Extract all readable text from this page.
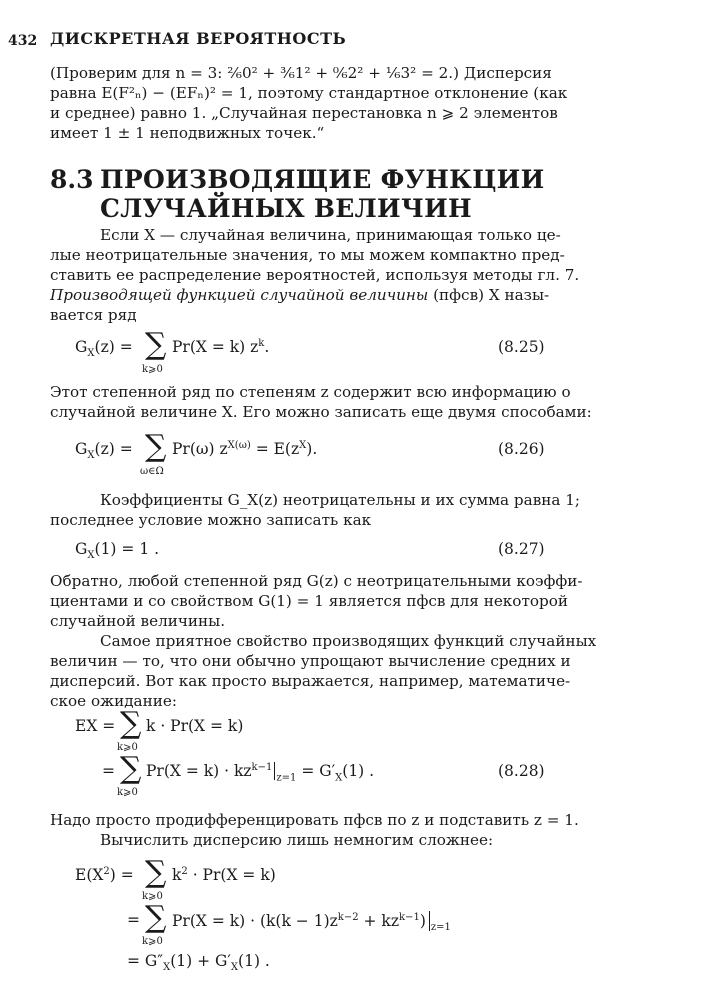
432 ДИСКРЕТНАЯ ВЕРОЯТНОСТЬ
(Проверим для n = 3: ²⁄₆0² + ³⁄₆1² + ⁰⁄₆2² + ¹⁄₆3² = 2.) Дисперсия
равна E(F²ₙ) − (EFₙ)² = 1, поэтому стандартное отклонение (как
и среднее) равно 1. „Случайная перестановка n ⩾ 2 элементов
имеет 1 ± 1 неподвижных точек.“
8.3 ПРОИЗВОДЯЩИЕ ФУНКЦИИ
СЛУЧАЙНЫХ ВЕЛИЧИН
Если X — случайная величина, принимающая только це-
лые неотрицательные значения, то мы можем компактно пред-
ставить ее распределение вероятностей, используя методы гл. 7.
Производящей функцией случайной величины (пфсв) X назы-
вается ряд
$G_X(z)$ = ∑
k⩾0
Pr(X = k) $z^k$.	(8.25)
Этот степенной ряд по степеням z содержит всю информацию о
случайной величине X. Его можно записать еще двумя способами:
$G_X(z)$ = ∑
ω∈Ω
Pr(ω) $z^{X(\omega)} = E(z^X)$.	(8.26)
Коэффициенты G_X(z) неотрицательны и их сумма равна 1;
последнее условие можно записать как
$G_X(1) = 1$ .	(8.27)
Обратно, любой степенной ряд G(z) с неотрицательными коэффи-
циентами и со свойством G(1) = 1 является пфсв для некоторой
случайной величины.
Самое приятное свойство производящих функций случайных
величин — то, что они обычно упрощают вычисление средних и
дисперсий. Вот как просто выражается, например, математиче-
ское ожидание:
EX = ∑
k⩾0
k · Pr(X = k)
= ∑
k⩾0
$Pr(X = k) \cdot kz^{k-1}_{z=1} = G'_X(1)$ .	(8.28)
Надо просто продифференцировать пфсв по z и подставить z = 1.
Вычислить дисперсию лишь немногим сложнее:
$E(X^2)$ = ∑
k⩾0
$k^2 \cdot Pr(X = k)$
= ∑
k⩾0
$Pr(X = k) \cdot (k(k - 1)z^{k-2} + kz^{k-1})$ $_{z=1}$
= $G''_X(1) + G'_X(1)$ .
